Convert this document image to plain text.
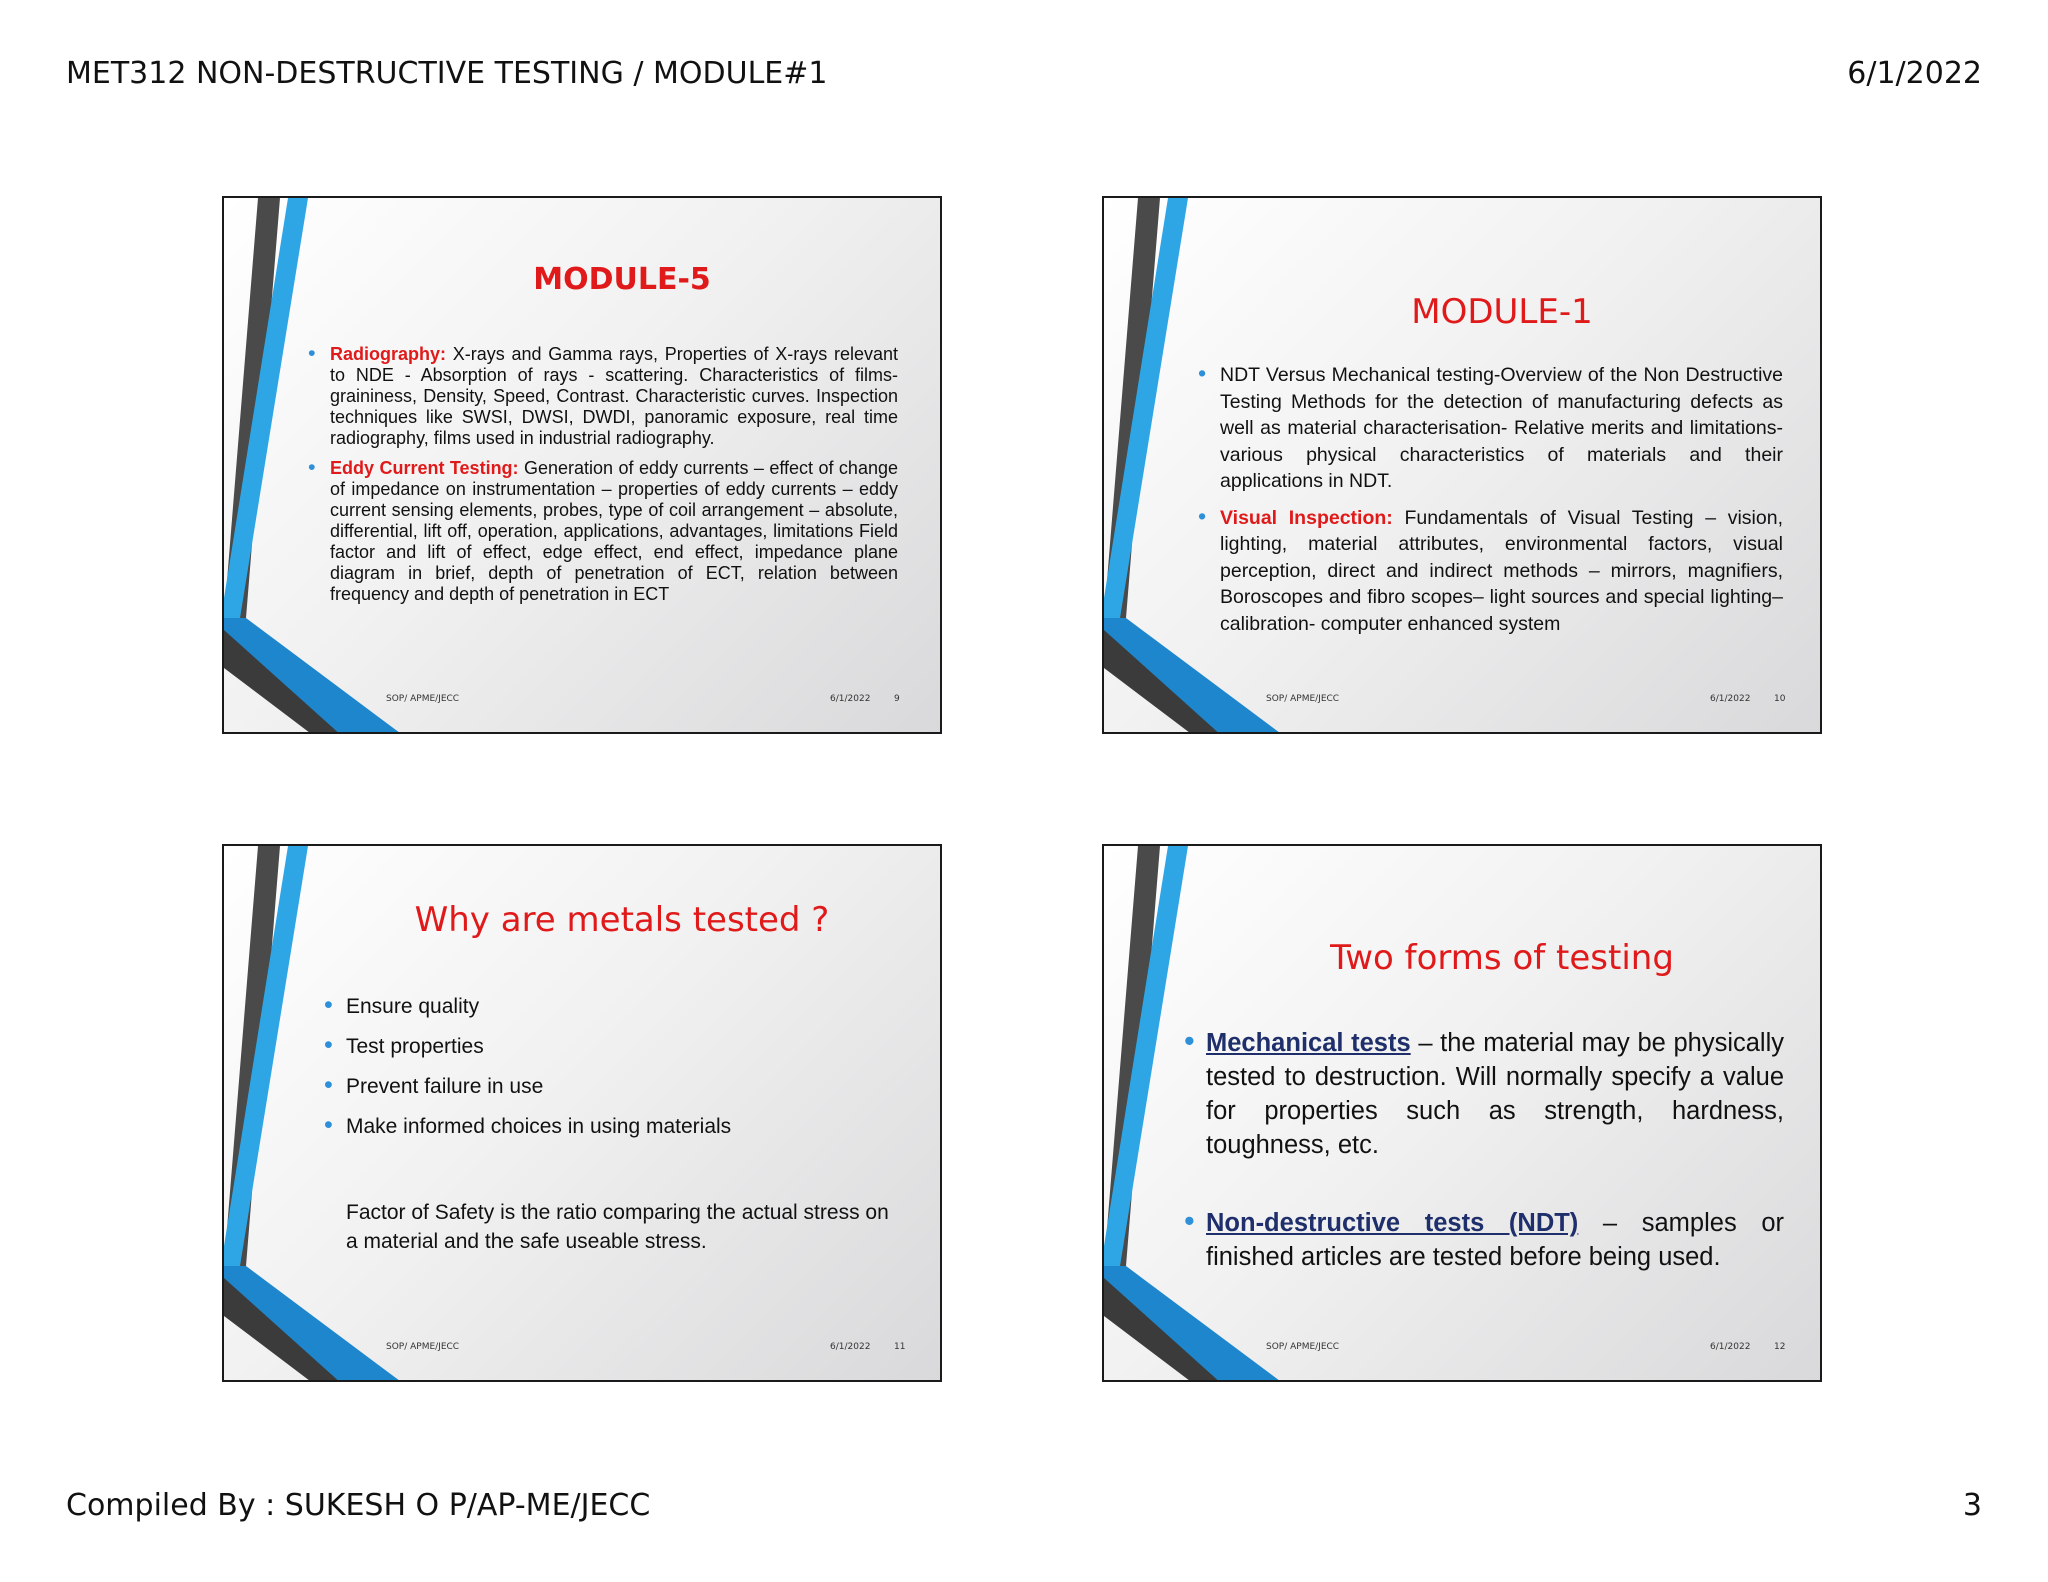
MET312 NON-DESTRUCTIVE TESTING / MODULE#1	6/1/2022
MODULE-5
• Radiography: X-rays and Gamma rays, Properties of X-rays relevant to NDE - Absorption of rays - scattering. Characteristics of films- graininess, Density, Speed, Contrast. Characteristic curves. Inspection techniques like SWSI, DWSI, DWDI, panoramic exposure, real time radiography, films used in industrial radiography.
• Eddy Current Testing: Generation of eddy currents – effect of change of impedance on instrumentation – properties of eddy currents – eddy current sensing elements, probes, type of coil arrangement – absolute, differential, lift off, operation, applications, advantages, limitations Field factor and lift of effect, edge effect, end effect, impedance plane diagram in brief, depth of penetration of ECT, relation between frequency and depth of penetration in ECT
SOP/ APME/JECC	6/1/2022	9
MODULE-1
• NDT Versus Mechanical testing-Overview of the Non Destructive Testing Methods for the detection of manufacturing defects as well as material characterisation- Relative merits and limitations-various physical characteristics of materials and their applications in NDT.
• Visual Inspection: Fundamentals of Visual Testing – vision, lighting, material attributes, environmental factors, visual perception, direct and indirect methods – mirrors, magnifiers, Boroscopes and fibro scopes– light sources and special lighting–calibration- computer enhanced system
SOP/ APME/JECC	6/1/2022	10
Why are metals tested ?
• Ensure quality
• Test properties
• Prevent failure in use
• Make informed choices in using materials
Factor of Safety is the ratio comparing the actual stress on a material and the safe useable stress.
SOP/ APME/JECC	6/1/2022	11
Two forms of testing
• Mechanical tests – the material may be physically tested to destruction. Will normally specify a value for properties such as strength, hardness, toughness, etc.
• Non-destructive tests (NDT) – samples or finished articles are tested before being used.
SOP/ APME/JECC	6/1/2022	12
Compiled By : SUKESH O P/AP-ME/JECC	3
